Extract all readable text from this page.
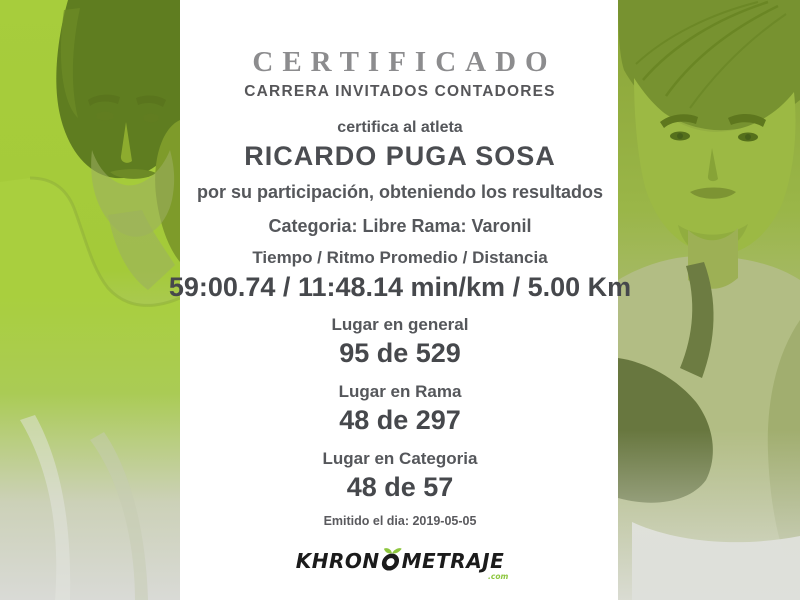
CERTIFICADO
CARRERA INVITADOS CONTADORES
certifica al atleta
RICARDO PUGA SOSA
por su participación, obteniendo los resultados
Categoria: Libre Rama: Varonil
Tiempo / Ritmo Promedio / Distancia
59:00.74 / 11:48.14 min/km / 5.00 Km
Lugar en general
95 de 529
Lugar en Rama
48 de 297
Lugar en Categoria
48 de 57
Emitido el dia: 2019-05-05
KHRON METRAJE
.com
